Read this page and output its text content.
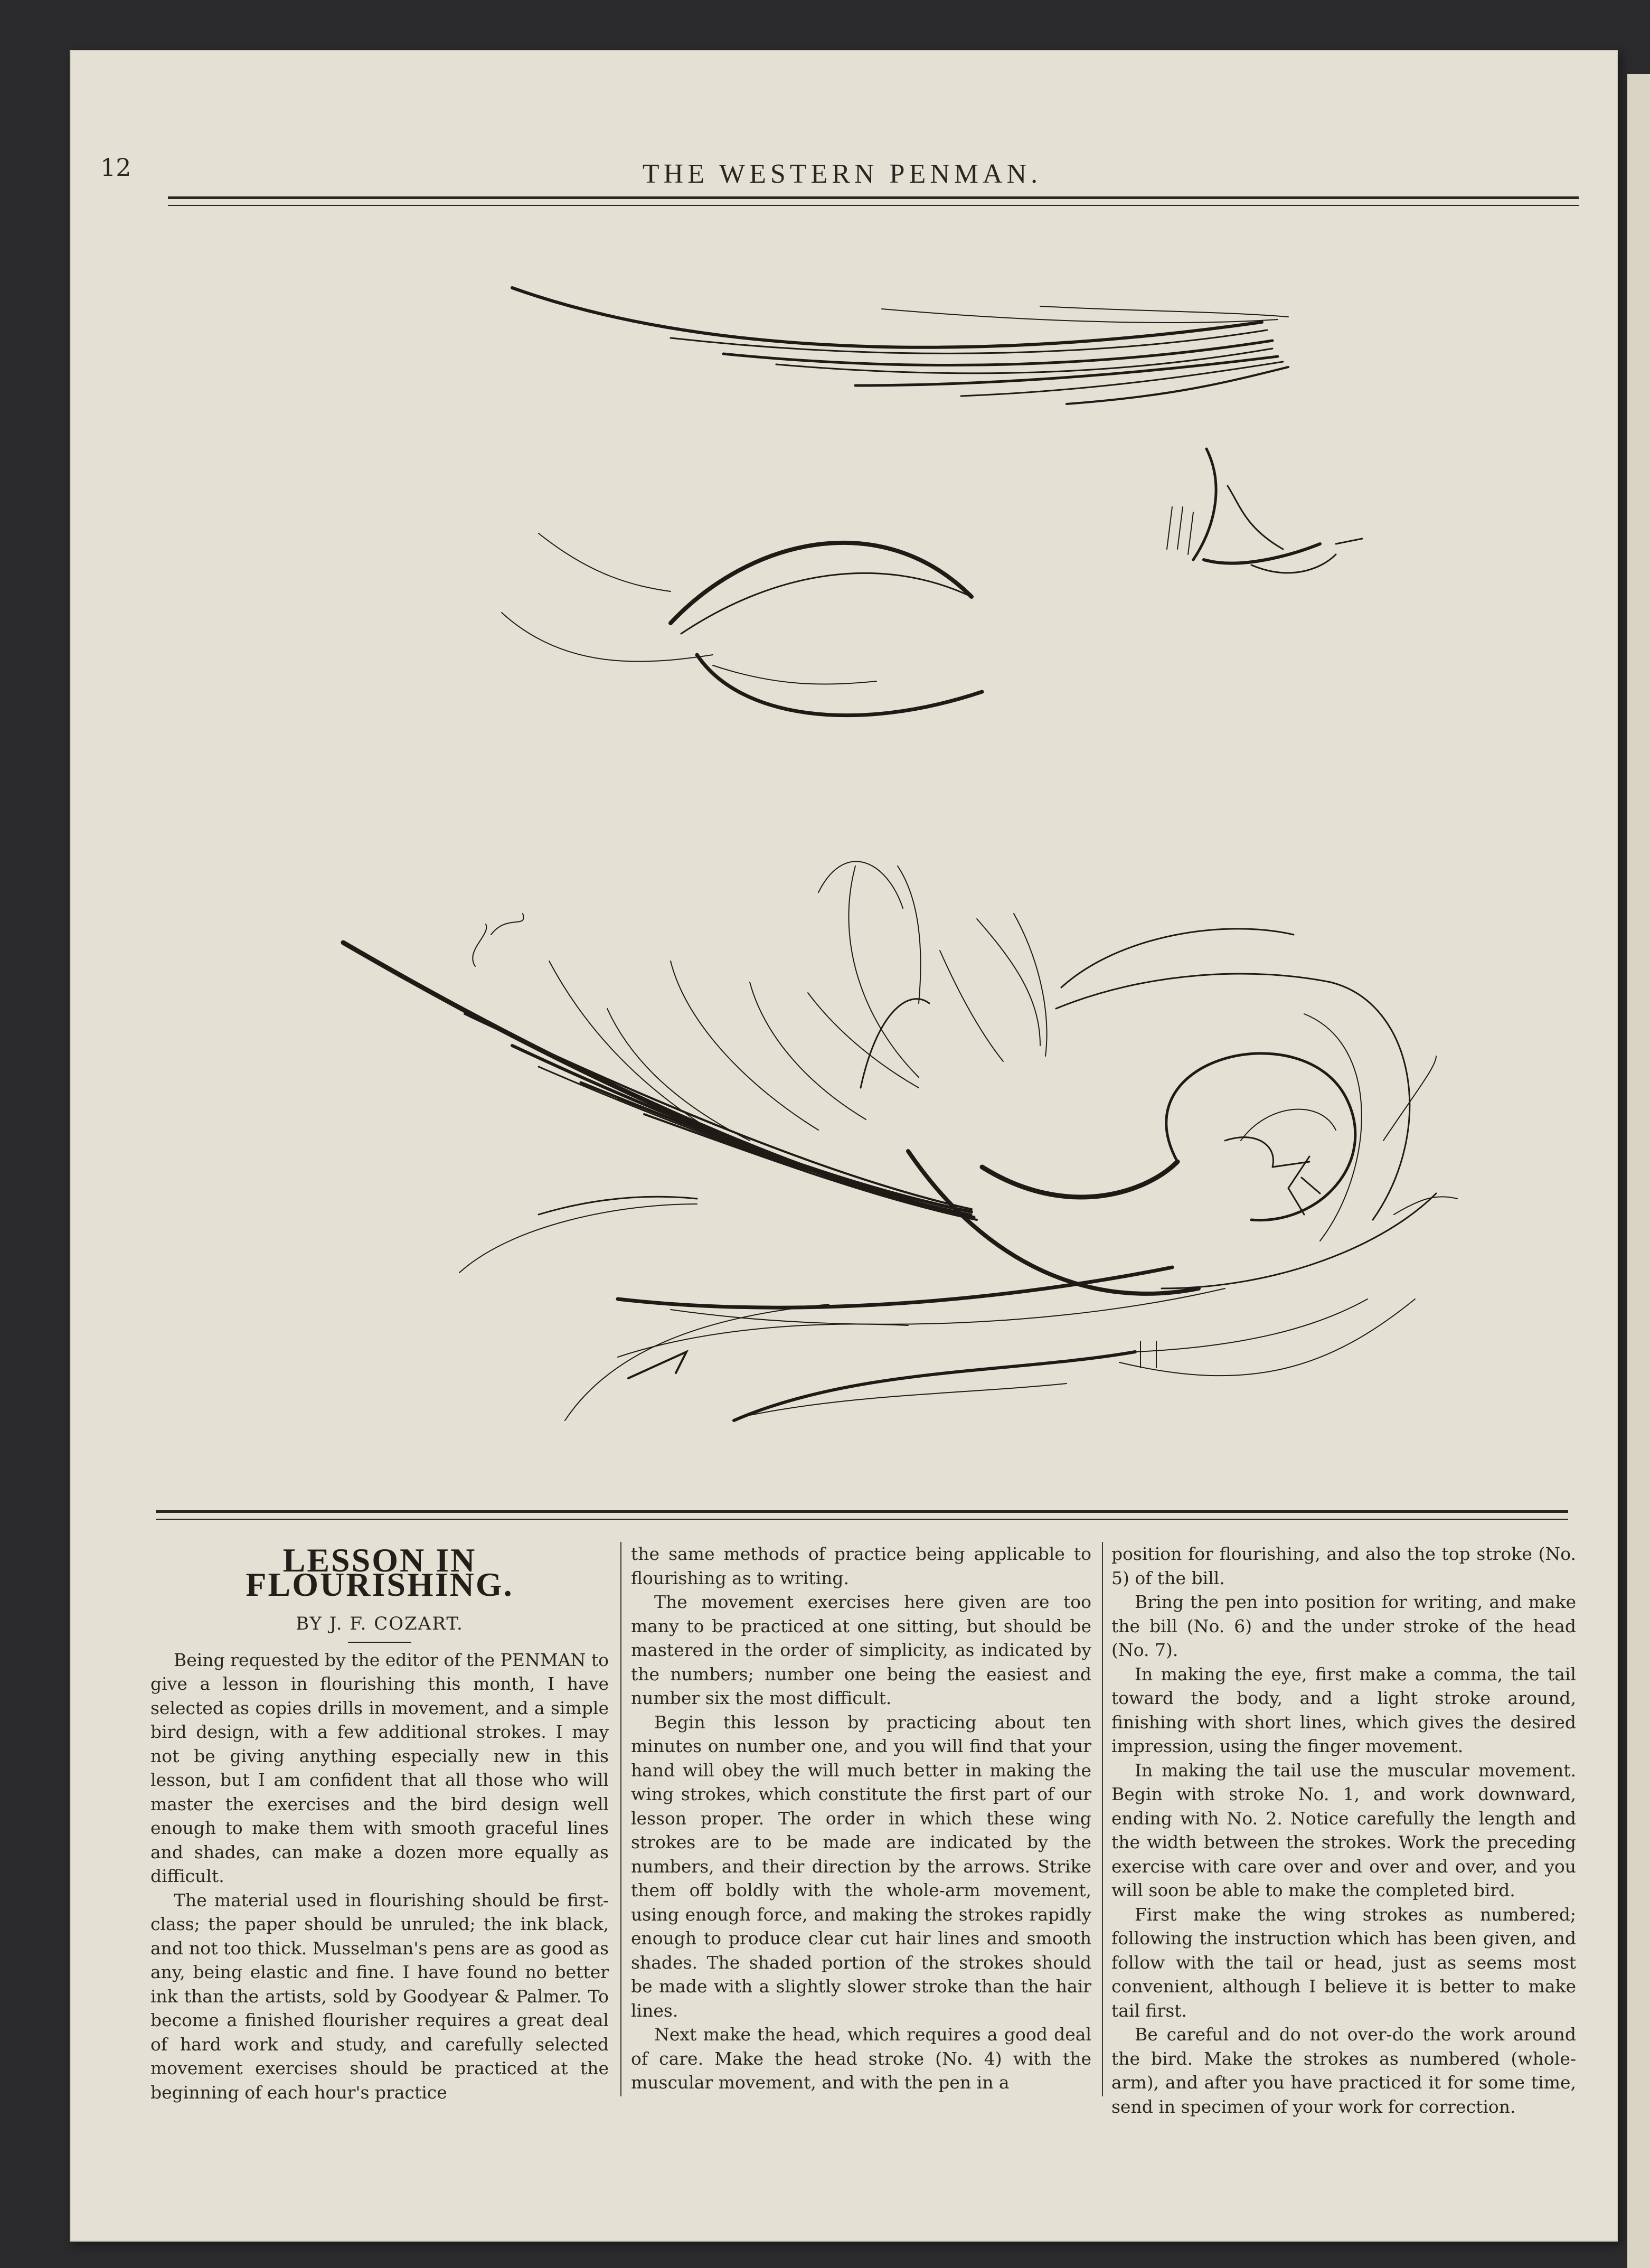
12	THE WESTERN PENMAN.
LESSON IN FLOURISHING.
BY J. F. COZART.

Being requested by the editor of the PENMAN to give a lesson in flourishing this month, I have selected as copies drills in movement, and a simple bird design, with a few additional strokes. I may not be giving anything especially new in this lesson, but I am confident that all those who will master the exercises and the bird design well enough to make them with smooth graceful lines and shades, can make a dozen more equally as difficult.

The material used in flourishing should be first-class; the paper should be unruled; the ink black, and not too thick. Musselman's pens are as good as any, being elastic and fine. I have found no better ink than the artists, sold by Goodyear & Palmer. To become a finished flourisher requires a great deal of hard work and study, and carefully selected movement exercises should be practiced at the beginning of each hour's practice

the same methods of practice being applicable to flourishing as to writing.

The movement exercises here given are too many to be practiced at one sitting, but should be mastered in the order of simplicity, as indicated by the numbers; number one being the easiest and number six the most difficult.

Begin this lesson by practicing about ten minutes on number one, and you will find that your hand will obey the will much better in making the wing strokes, which constitute the first part of our lesson proper. The order in which these wing strokes are to be made are indicated by the numbers, and their direction by the arrows. Strike them off boldly with the whole-arm movement, using enough force, and making the strokes rapidly enough to produce clear cut hair lines and smooth shades. The shaded portion of the strokes should be made with a slightly slower stroke than the hair lines.

Next make the head, which requires a good deal of care. Make the head stroke (No. 4) with the muscular movement, and with the pen in a

position for flourishing, and also the top stroke (No. 5) of the bill.

Bring the pen into position for writing, and make the bill (No. 6) and the under stroke of the head (No. 7).

In making the eye, first make a comma, the tail toward the body, and a light stroke around, finishing with short lines, which gives the desired impression, using the finger movement.

In making the tail use the muscular movement. Begin with stroke No. 1, and work downward, ending with No. 2. Notice carefully the length and the width between the strokes. Work the preceding exercise with care over and over and over, and you will soon be able to make the completed bird.

First make the wing strokes as numbered; following the instruction which has been given, and follow with the tail or head, just as seems most convenient, although I believe it is better to make tail first.

Be careful and do not over-do the work around the bird. Make the strokes as numbered (whole-arm), and after you have practiced it for some time, send in specimen of your work for correction.
